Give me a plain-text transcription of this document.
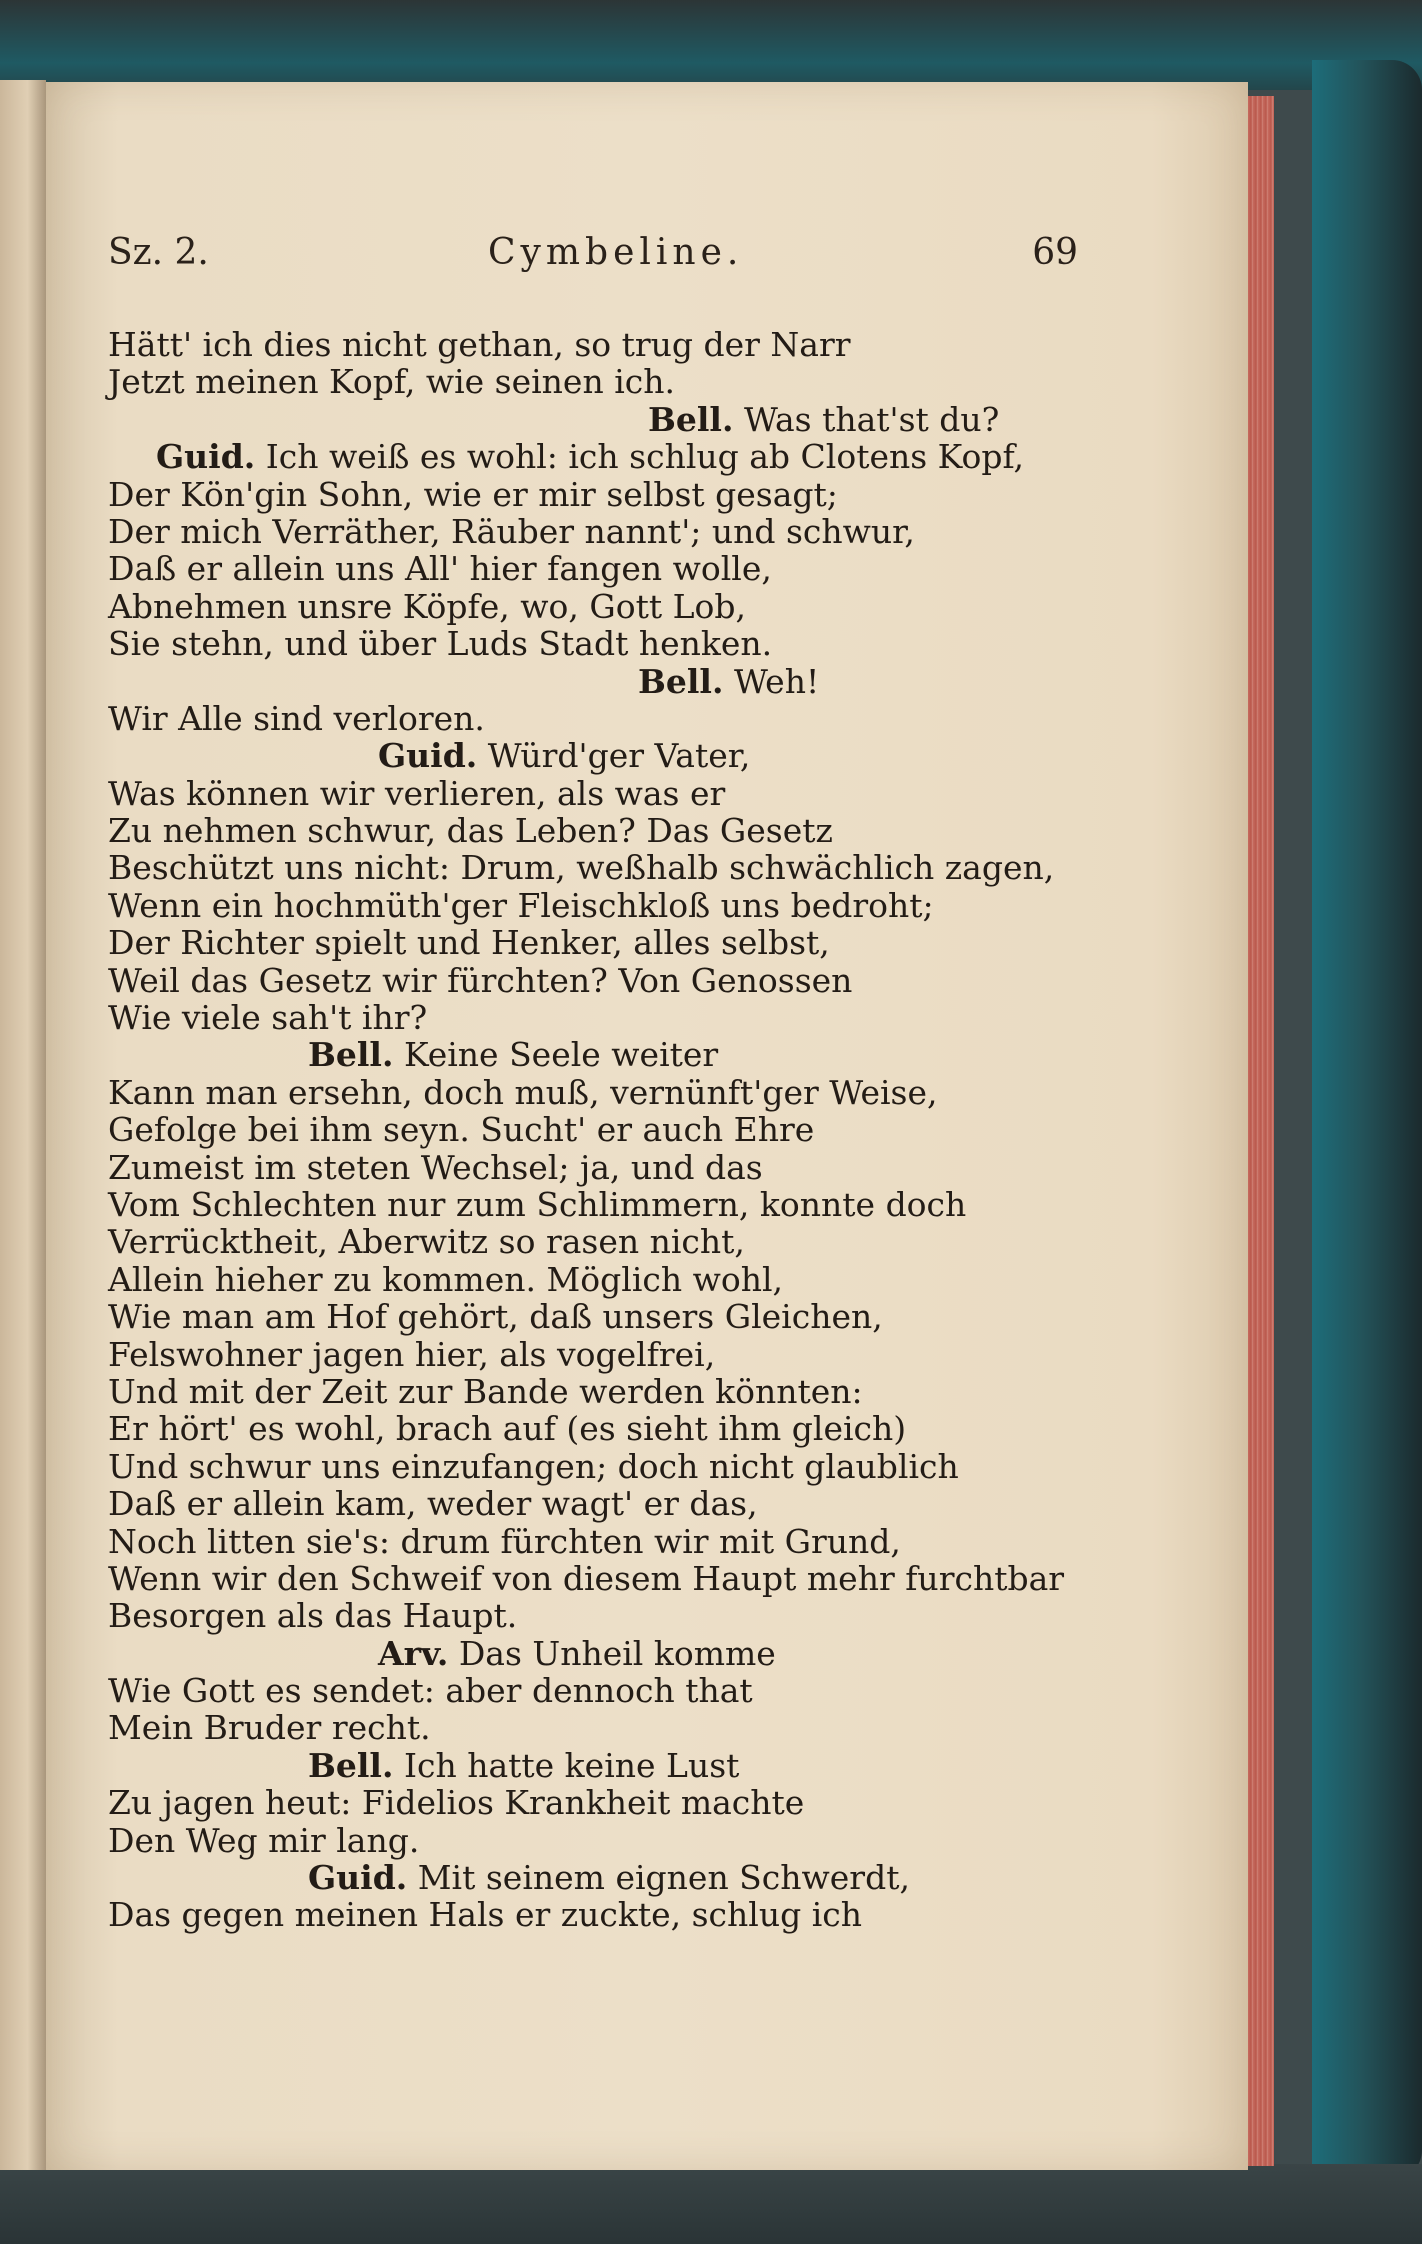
Sz. 2.	Cymbeline.	69
Hätt' ich dies nicht gethan, so trug der Narr
Jetzt meinen Kopf, wie seinen ich.
Bell. Was that'st du?
Guid. Ich weiß es wohl: ich schlug ab Clotens Kopf,
Der Kön'gin Sohn, wie er mir selbst gesagt;
Der mich Verräther, Räuber nannt'; und schwur,
Daß er allein uns All' hier fangen wolle,
Abnehmen unsre Köpfe, wo, Gott Lob,
Sie stehn, und über Luds Stadt henken.
Bell. Weh!
Wir Alle sind verloren.
Guid. Würd'ger Vater,
Was können wir verlieren, als was er
Zu nehmen schwur, das Leben? Das Gesetz
Beschützt uns nicht: Drum, weßhalb schwächlich zagen,
Wenn ein hochmüth'ger Fleischkloß uns bedroht;
Der Richter spielt und Henker, alles selbst,
Weil das Gesetz wir fürchten? Von Genossen
Wie viele sah't ihr?
Bell. Keine Seele weiter
Kann man ersehn, doch muß, vernünft'ger Weise,
Gefolge bei ihm seyn. Sucht' er auch Ehre
Zumeist im steten Wechsel; ja, und das
Vom Schlechten nur zum Schlimmern, konnte doch
Verrücktheit, Aberwitz so rasen nicht,
Allein hieher zu kommen. Möglich wohl,
Wie man am Hof gehört, daß unsers Gleichen,
Felswohner jagen hier, als vogelfrei,
Und mit der Zeit zur Bande werden könnten:
Er hört' es wohl, brach auf (es sieht ihm gleich)
Und schwur uns einzufangen; doch nicht glaublich
Daß er allein kam, weder wagt' er das,
Noch litten sie's: drum fürchten wir mit Grund,
Wenn wir den Schweif von diesem Haupt mehr furchtbar
Besorgen als das Haupt.
Arv. Das Unheil komme
Wie Gott es sendet: aber dennoch that
Mein Bruder recht.
Bell. Ich hatte keine Lust
Zu jagen heut: Fidelios Krankheit machte
Den Weg mir lang.
Guid. Mit seinem eignen Schwerdt,
Das gegen meinen Hals er zuckte, schlug ich
